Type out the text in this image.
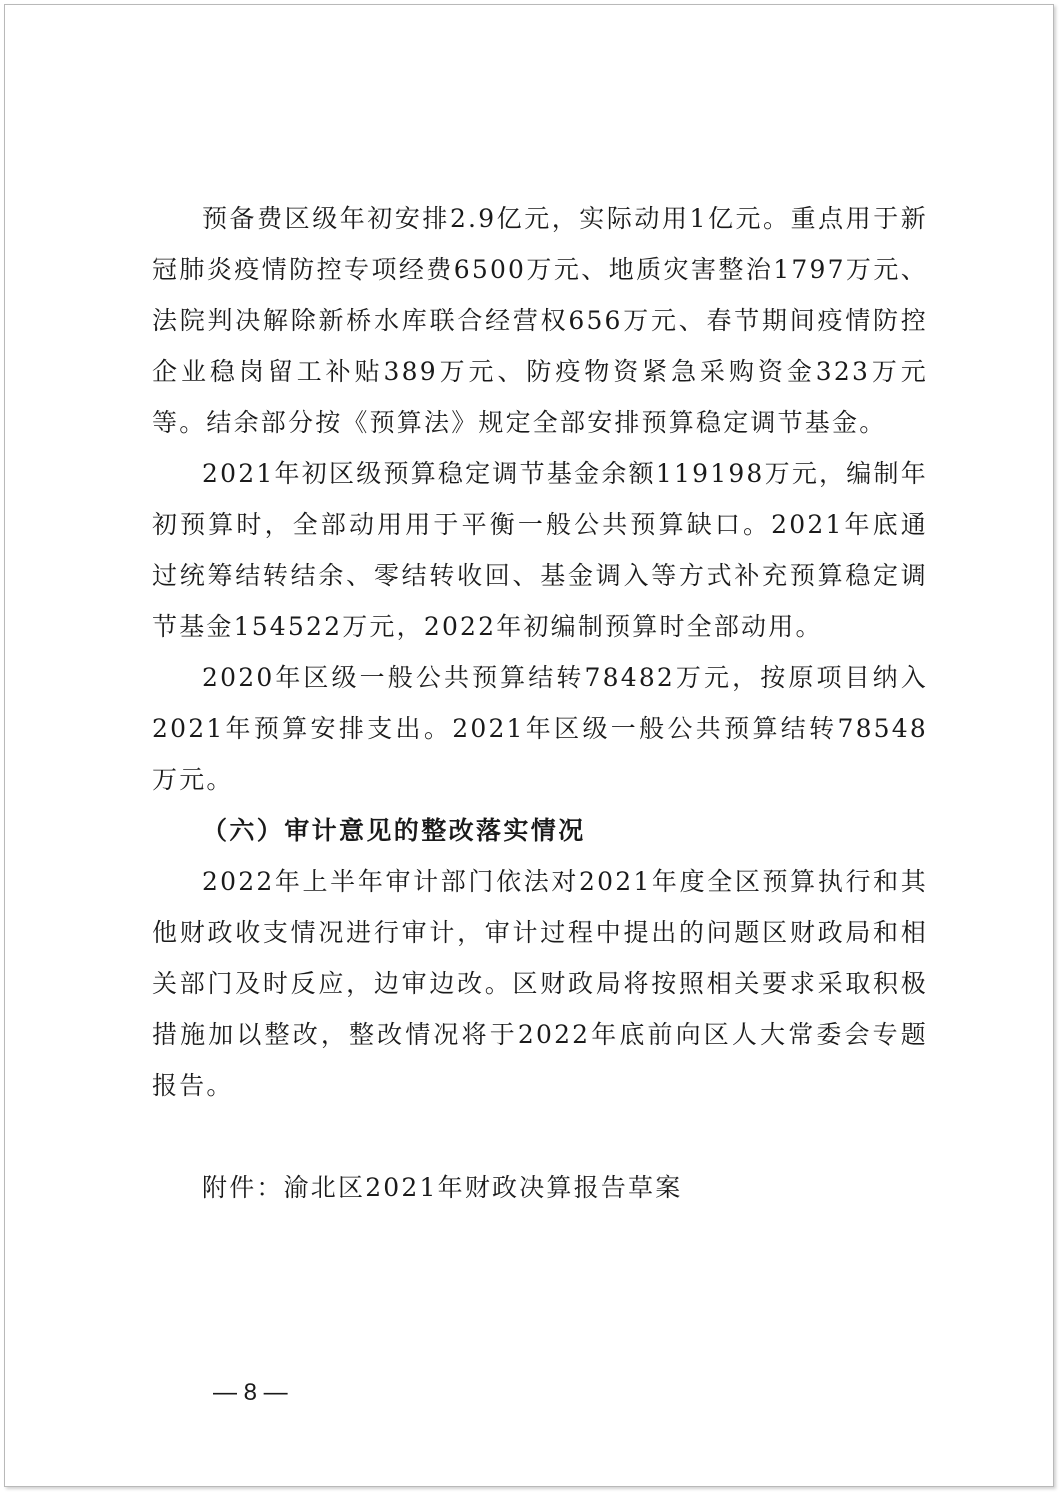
预备费区级年初安排2.9亿元，实际动用1亿元。重点用于新冠肺炎疫情防控专项经费6500万元、地质灾害整治1797万元、法院判决解除新桥水库联合经营权656万元、春节期间疫情防控企业稳岗留工补贴389万元、防疫物资紧急采购资金323万元等。结余部分按《预算法》规定全部安排预算稳定调节基金。

2021年初区级预算稳定调节基金余额119198万元，编制年初预算时，全部动用用于平衡一般公共预算缺口。2021年底通过统筹结转结余、零结转收回、基金调入等方式补充预算稳定调节基金154522万元，2022年初编制预算时全部动用。

2020年区级一般公共预算结转78482万元，按原项目纳入2021年预算安排支出。2021年区级一般公共预算结转78548万元。

（六）审计意见的整改落实情况

2022年上半年审计部门依法对2021年度全区预算执行和其他财政收支情况进行审计，审计过程中提出的问题区财政局和相关部门及时反应，边审边改。区财政局将按照相关要求采取积极措施加以整改，整改情况将于2022年底前向区人大常委会专题报告。

附件：渝北区2021年财政决算报告草案

— 8 —
